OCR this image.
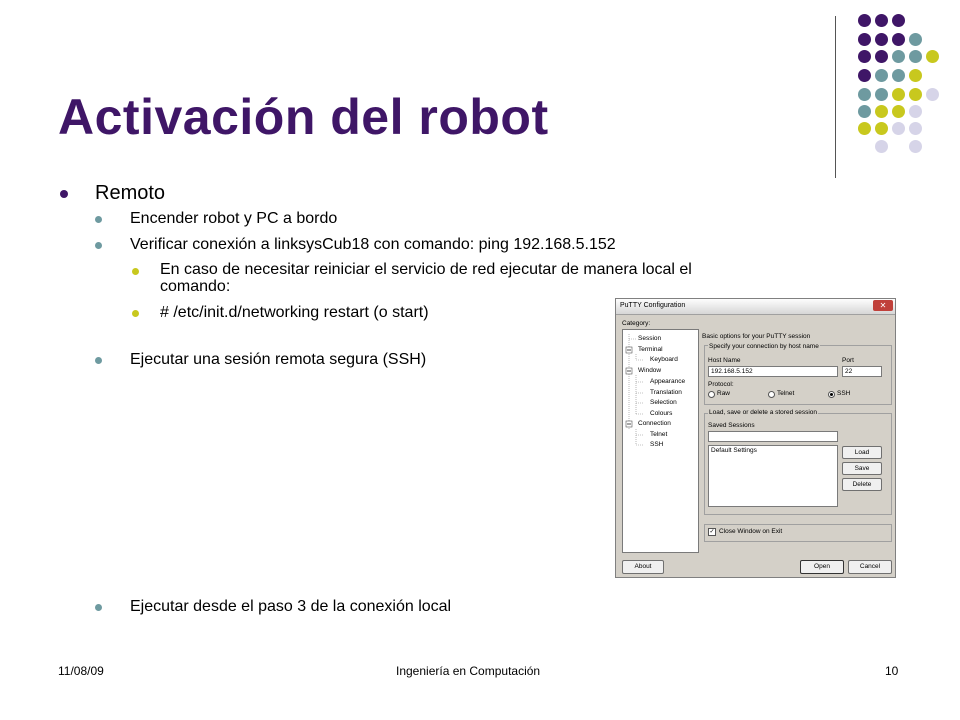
Activación del robot
Remoto
Encender robot y PC a bordo
Verificar conexión a linksysCub18 con comando: ping 192.168.5.152
En caso de necesitar reiniciar el servicio de red ejecutar de manera local el
comando:
# /etc/init.d/networking restart (o start)
Ejecutar una sesión remota segura (SSH)
Ejecutar desde el paso 3 de la conexión local
11/08/09	Ingeniería en Computación	10
PuTTY Configuration	✕
Category:
Session
Terminal
Keyboard
Window
Appearance
Translation
Selection
Colours
Connection
Telnet
SSH
Basic options for your PuTTY session
Specify your connection by host name
Host Name
192.168.5.152
Port
22
Protocol:
Raw	Telnet	SSH
Load, save or delete a stored session
Saved Sessions
Default Settings	Load
Save
Delete
✓ Close Window on Exit
About	Open	Cancel
